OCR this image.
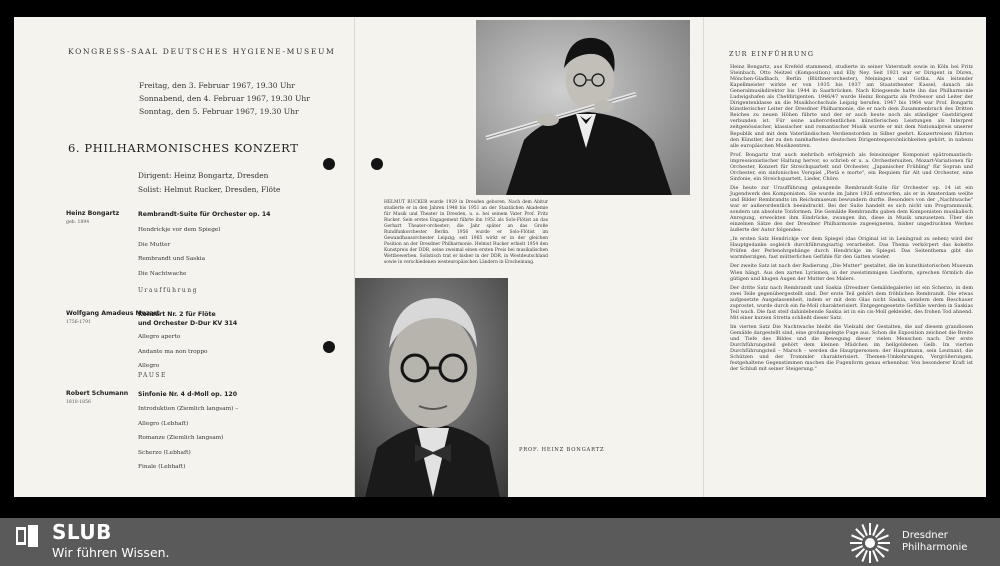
KONGRESS-SAAL DEUTSCHES HYGIENE-MUSEUM
Freitag, den 3. Februar 1967, 19.30 Uhr
Sonnabend, den 4. Februar 1967, 19.30 Uhr
Sonntag, den 5. Februar 1967, 19.30 Uhr
6. PHILHARMONISCHES KONZERT
Dirigent: Heinz Bongartz, Dresden
Solist: Helmut Rucker, Dresden, Flöte
Heinz Bongartz
geb. 1894
Rembrandt-Suite für Orchester op. 14
Hendrickje vor dem Spiegel
Die Mutter
Rembrandt und Saskia
Die Nachtwache
Uraufführung
Wolfgang Amadeus Mozart
1756-1791
Konzert Nr. 2 für Flöte
und Orchester D-Dur KV 314
Allegro aperto
Andante ma non troppo
Allegro
PAUSE
Robert Schumann
1810-1856
Sinfonie Nr. 4 d-Moll op. 120
Introduktion (Ziemlich langsam) –
Allegro (Lebhaft)
Romanze (Ziemlich langsam)
Scherzo (Lebhaft)
Finale (Lebhaft)
HELMUT RUCKER wurde 1929 in Dresden geboren. Nach dem Abitur studierte er in den Jahren 1948 bis 1951 an der Staatlichen Akademie für Musik und Theater in Dresden, u. a. bei seinem Vater Prof. Fritz Rucker. Sein erstes Engagement führte ihn 1952 als Solo-Flötist an das Gerhart Theater-orchester; die Jahr später an das Große Rundfunkorchester Berlin. 1956 wurde er Solo-Flötist im Gewandhausorchester Leipzig; seit 1965 wirkt er in der gleichen Position an der Dresdner Philharmonie. Helmut Rucker erhielt 1954 den Kunstpreis der DDR, seine zweimal einen ersten Preis bei musikalischen Wettbewerben. Solistisch trat er bisher in der DDR, in Westdeutschland sowie in verschiedenen westeuropäischen Ländern in Erscheinung.
PROF. HEINZ BONGARTZ
ZUR EINFÜHRUNG

Heinz Bongartz, aus Krefeld stammend, studierte in seiner Vaterstadt sowie in Köln bei Fritz Steinbach, Otto Neitzel (Komposition) und Elly Ney. Seit 1921 war er Dirigent in Düren, Mönchen-Gladbach, Berlin (Blüthnerorchester), Meiningen und Gotha. Als leitender Kapellmeister wirkte er von 1935 bis 1937 am Staatstheater Kassel, danach als Generalmusikdirektor bis 1944 in Saarbrücken. Nach Kriegsende hatte ihn das Philharmonie Ludwigshafen als Chefdirigenten. 1946/47 wurde Heinz Bongartz als Professor und Leiter der Dirigentenklasse an die Musikhochschule Leipzig berufen. 1947 bis 1964 war Prof. Bongartz künstlerischer Leiter der Dresdner Philharmonie, die er nach dem Zusammenbruch des Dritten Reiches zu neuen Höhen führte und der er auch heute noch als ständiger Gastdirigent verbunden ist. Für seine außerordentlichen künstlerischen Leistungen als Interpret zeitgenössischer, klassischer und romantischer Musik wurde er mit dem Nationalpreis unserer Republik und mit dem Vaterländischen Verdienstorden in Silber geehrt. Konzertreisen führten den Künstler, der zu den namhaftesten deutschen Dirigentenpersönlichkeiten gehört, in nahezu alle europäischen Musikzentren.

Prof. Bongartz trat auch mehrfach erfolgreich als feinsinniger Komponist spätromantisch-impressionistischer Haltung hervor, so schrieb er u. a. Orchestersuiten, Mozart-Variationen für Orchester, Konzert für Streichquartett und Orchester, „Japanischer Frühling" für Sopran und Orchester, ein sinfonisches Vorspiel „Pietà e morte", ein Requiem für Alt und Orchester, eine Sinfonie, ein Streichquartett, Lieder, Chöre.

Die heute zur Uraufführung gelangende Rembrandt-Suite für Orchester op. 14 ist ein Jugendwerk des Komponisten. Sie wurde im Jahre 1926 entworfen, als er in Amsterdam weilte und Bilder Rembrandts im Reichsmuseum bewundern durfte. Besonders von der „Nachtwache" war er außerordentlich beeindruckt. Bei der Suite handelt es sich nicht um Programmusik, sondern um absolute Tonformen. Die Gemälde Rembrandts gaben dem Komponisten musikalisch Anregung, erweckten ihm Eindrücke, zwangen ihn, diese in Musik umzusetzen. Über die einzelnen Sätze des der Dresdner Philharmonie zugeeigneten, bisher ungedruckten Werkes äußerte der Autor folgendes:

„In ersten Satz Hendrickje vor dem Spiegel (das Original ist in Leningrad zu sehen) wird der Hauptgedanke sogleich durchführungsartig verarbeitet. Das Thema verkörpert das kokette Prüfen der Perlenohrgehänge durch Hendrickje im Spiegel. Das Seitenthema gibt die warmherzigen, fast mütterlichen Gefühle für den Gatten wieder.

Der zweite Satz ist nach der Radierung „Die Mutter" gestaltet, die im kunsthistorischen Museum Wien hängt. Aus den zarten Lyrismen, in der zweistimmigen Liedform, sprechen förmlich die gütigen und klugen Augen der Mutter des Malers.

Der dritte Satz nach Rembrandt und Saskia (Dresdner Gemäldegalerie) ist ein Scherzo, in dem zwei Teile gegenübergestellt sind. Der erste Teil gehört dem fröhlichen Rembrandt. Die etwas aufgesetzte Ausgelassenheit, indem er mit dem Glas nicht Saskia, sondern dem Beschauer zuprostet, wurde durch ein fis-Moll charakterisiert. Entgegengesetzte Gefühle werden in Saskias Teil wach. Die fast steif dahinlebende Saskia ist in ein cis-Moll gekleidet, des frohen Tod ahnend. Mit einer kurzen Stretta schließt dieser Satz.

Im vierten Satz Die Nachtwache bleibt die Vielzahl der Gestalten, die auf diesem grandiosen Gemälde dargestellt sind, eine großangelegte Fuge aus. Schon die Exposition zeichnet die Breite und Tiefe des Bildes und die Bewegung dieser vielen Menschen nach. Der erste Durchführungsteil gehört dem kleinen Mädchen im hellgoldenen Gelb. Im vierten Durchführungsteil – Marsch – werden die Hauptpersonen: der Hauptmann, sein Leutnant, die Schützen und der Trommler charakterisiert. Themen-Umkehrungen, Vergrößerungen, festgehaltene Gegenstimmen machen die Fugenform genau erkennbar. Von besonderer Kraft ist der Schluß mit seiner Steigerung."

SLUB
Wir führen Wissen.
Dresdner
Philharmonie
